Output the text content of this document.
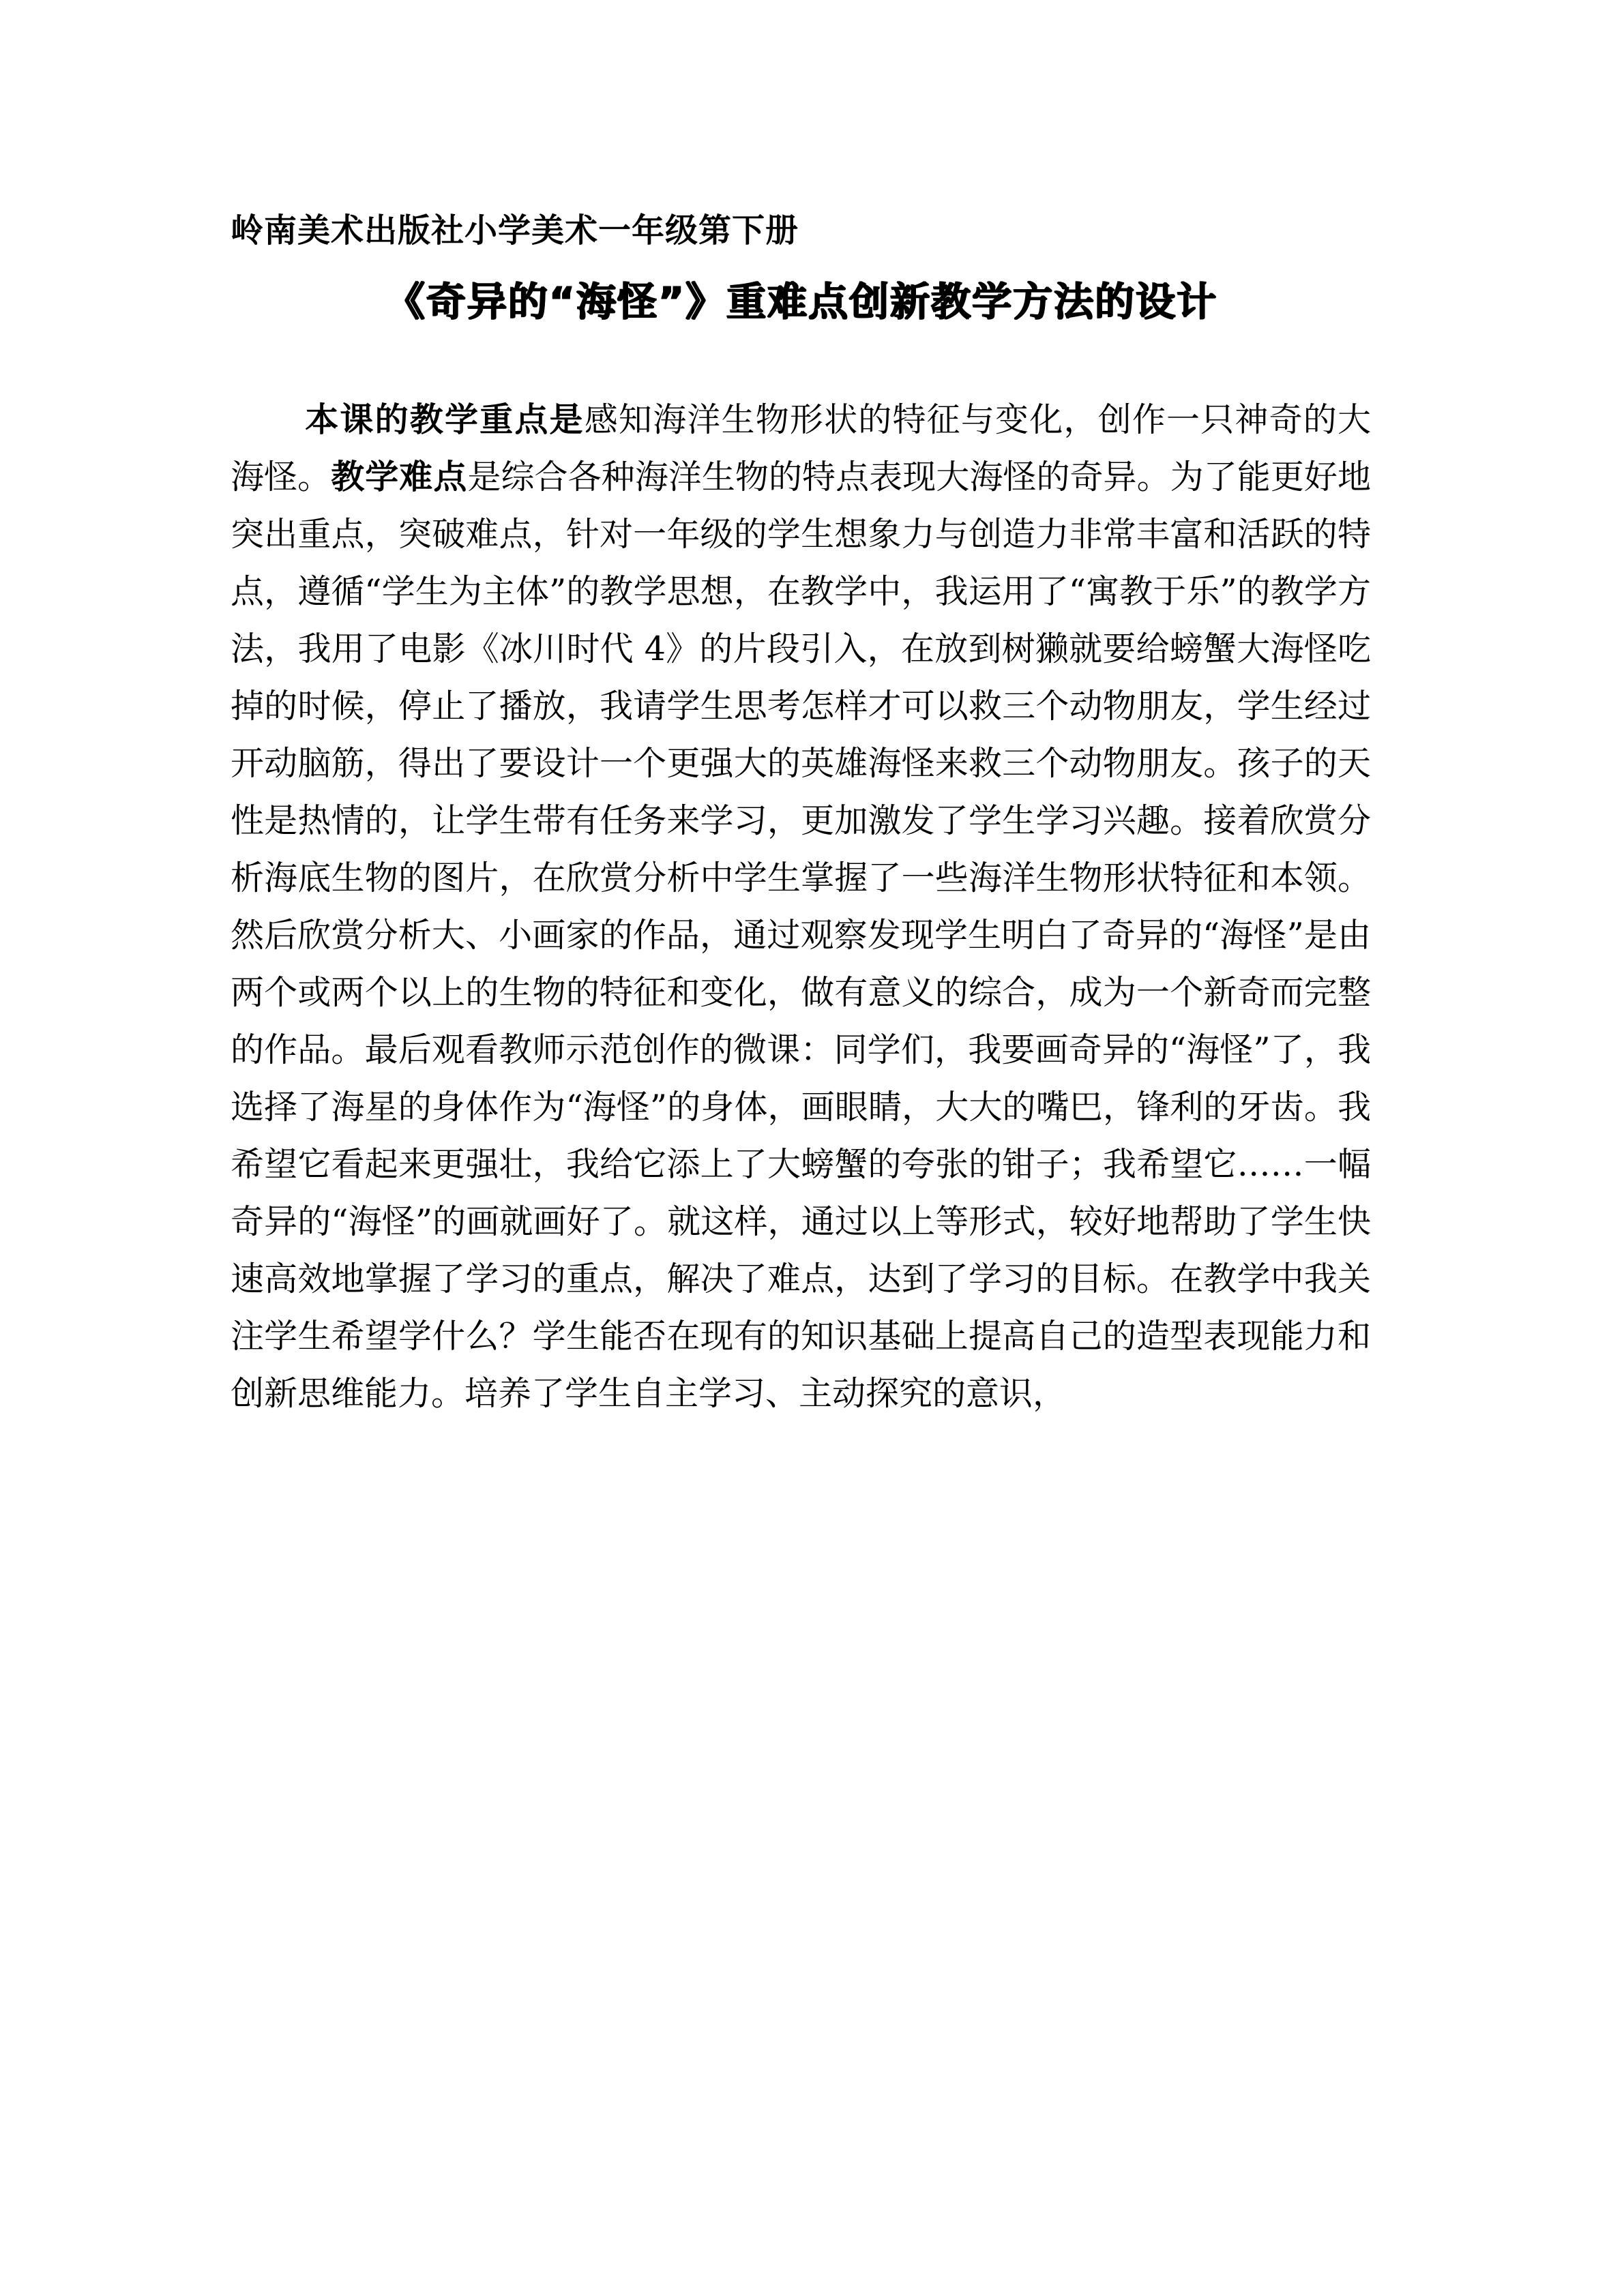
岭南美术出版社小学美术一年级第下册
《奇异的“海怪”》重难点创新教学方法的设计

本课的教学重点是感知海洋生物形状的特征与变化，创作一只神奇的大海怪。教学难点是综合各种海洋生物的特点表现大海怪的奇异。为了能更好地突出重点，突破难点，针对一年级的学生想象力与创造力非常丰富和活跃的特点，遵循“学生为主体”的教学思想，在教学中，我运用了“寓教于乐”的教学方法，我用了电影《冰川时代 4》的片段引入，在放到树獭就要给螃蟹大海怪吃掉的时候，停止了播放，我请学生思考怎样才可以救三个动物朋友，学生经过开动脑筋，得出了要设计一个更强大的英雄海怪来救三个动物朋友。孩子的天性是热情的，让学生带有任务来学习，更加激发了学生学习兴趣。接着欣赏分析海底生物的图片，在欣赏分析中学生掌握了一些海洋生物形状特征和本领。然后欣赏分析大、小画家的作品，通过观察发现学生明白了奇异的“海怪”是由两个或两个以上的生物的特征和变化，做有意义的综合，成为一个新奇而完整的作品。最后观看教师示范创作的微课：同学们，我要画奇异的“海怪”了，我选择了海星的身体作为“海怪”的身体，画眼睛，大大的嘴巴，锋利的牙齿。我希望它看起来更强壮，我给它添上了大螃蟹的夸张的钳子；我希望它……一幅奇异的“海怪”的画就画好了。就这样，通过以上等形式，较好地帮助了学生快速高效地掌握了学习的重点，解决了难点，达到了学习的目标。在教学中我关注学生希望学什么？学生能否在现有的知识基础上提高自己的造型表现能力和创新思维能力。培养了学生自主学习、主动探究的意识，
